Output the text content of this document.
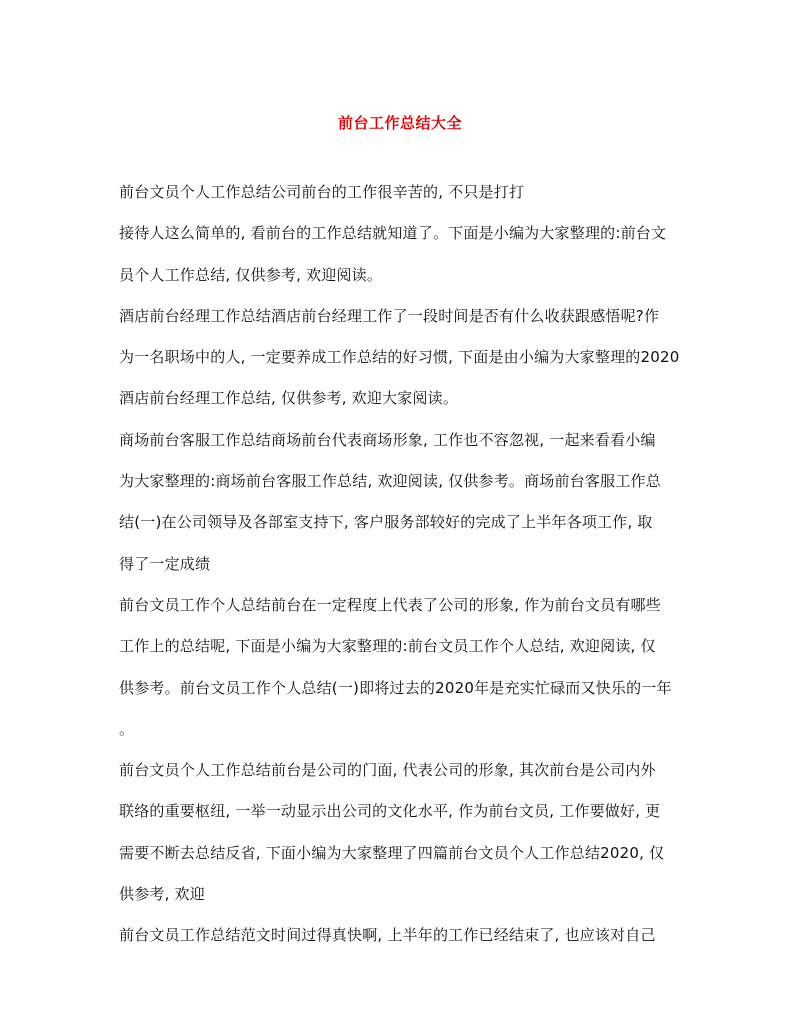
前台工作总结大全
前台文员个人工作总结公司前台的工作很辛苦的, 不只是打打
接待人这么简单的, 看前台的工作总结就知道了。下面是小编为大家整理的:前台文
员个人工作总结, 仅供参考, 欢迎阅读。
酒店前台经理工作总结酒店前台经理工作了一段时间是否有什么收获跟感悟呢?作
为一名职场中的人, 一定要养成工作总结的好习惯, 下面是由小编为大家整理的2020
酒店前台经理工作总结, 仅供参考, 欢迎大家阅读。
商场前台客服工作总结商场前台代表商场形象, 工作也不容忽视, 一起来看看小编
为大家整理的:商场前台客服工作总结, 欢迎阅读, 仅供参考。商场前台客服工作总
结(一)在公司领导及各部室支持下, 客户服务部较好的完成了上半年各项工作, 取
得了一定成绩
前台文员工作个人总结前台在一定程度上代表了公司的形象, 作为前台文员有哪些
工作上的总结呢, 下面是小编为大家整理的:前台文员工作个人总结, 欢迎阅读, 仅
供参考。前台文员工作个人总结(一)即将过去的2020年是充实忙碌而又快乐的一年
。
前台文员个人工作总结前台是公司的门面, 代表公司的形象, 其次前台是公司内外
联络的重要枢纽, 一举一动显示出公司的文化水平, 作为前台文员, 工作要做好, 更
需要不断去总结反省, 下面小编为大家整理了四篇前台文员个人工作总结2020, 仅
供参考, 欢迎
前台文员工作总结范文时间过得真快啊, 上半年的工作已经结束了, 也应该对自己
